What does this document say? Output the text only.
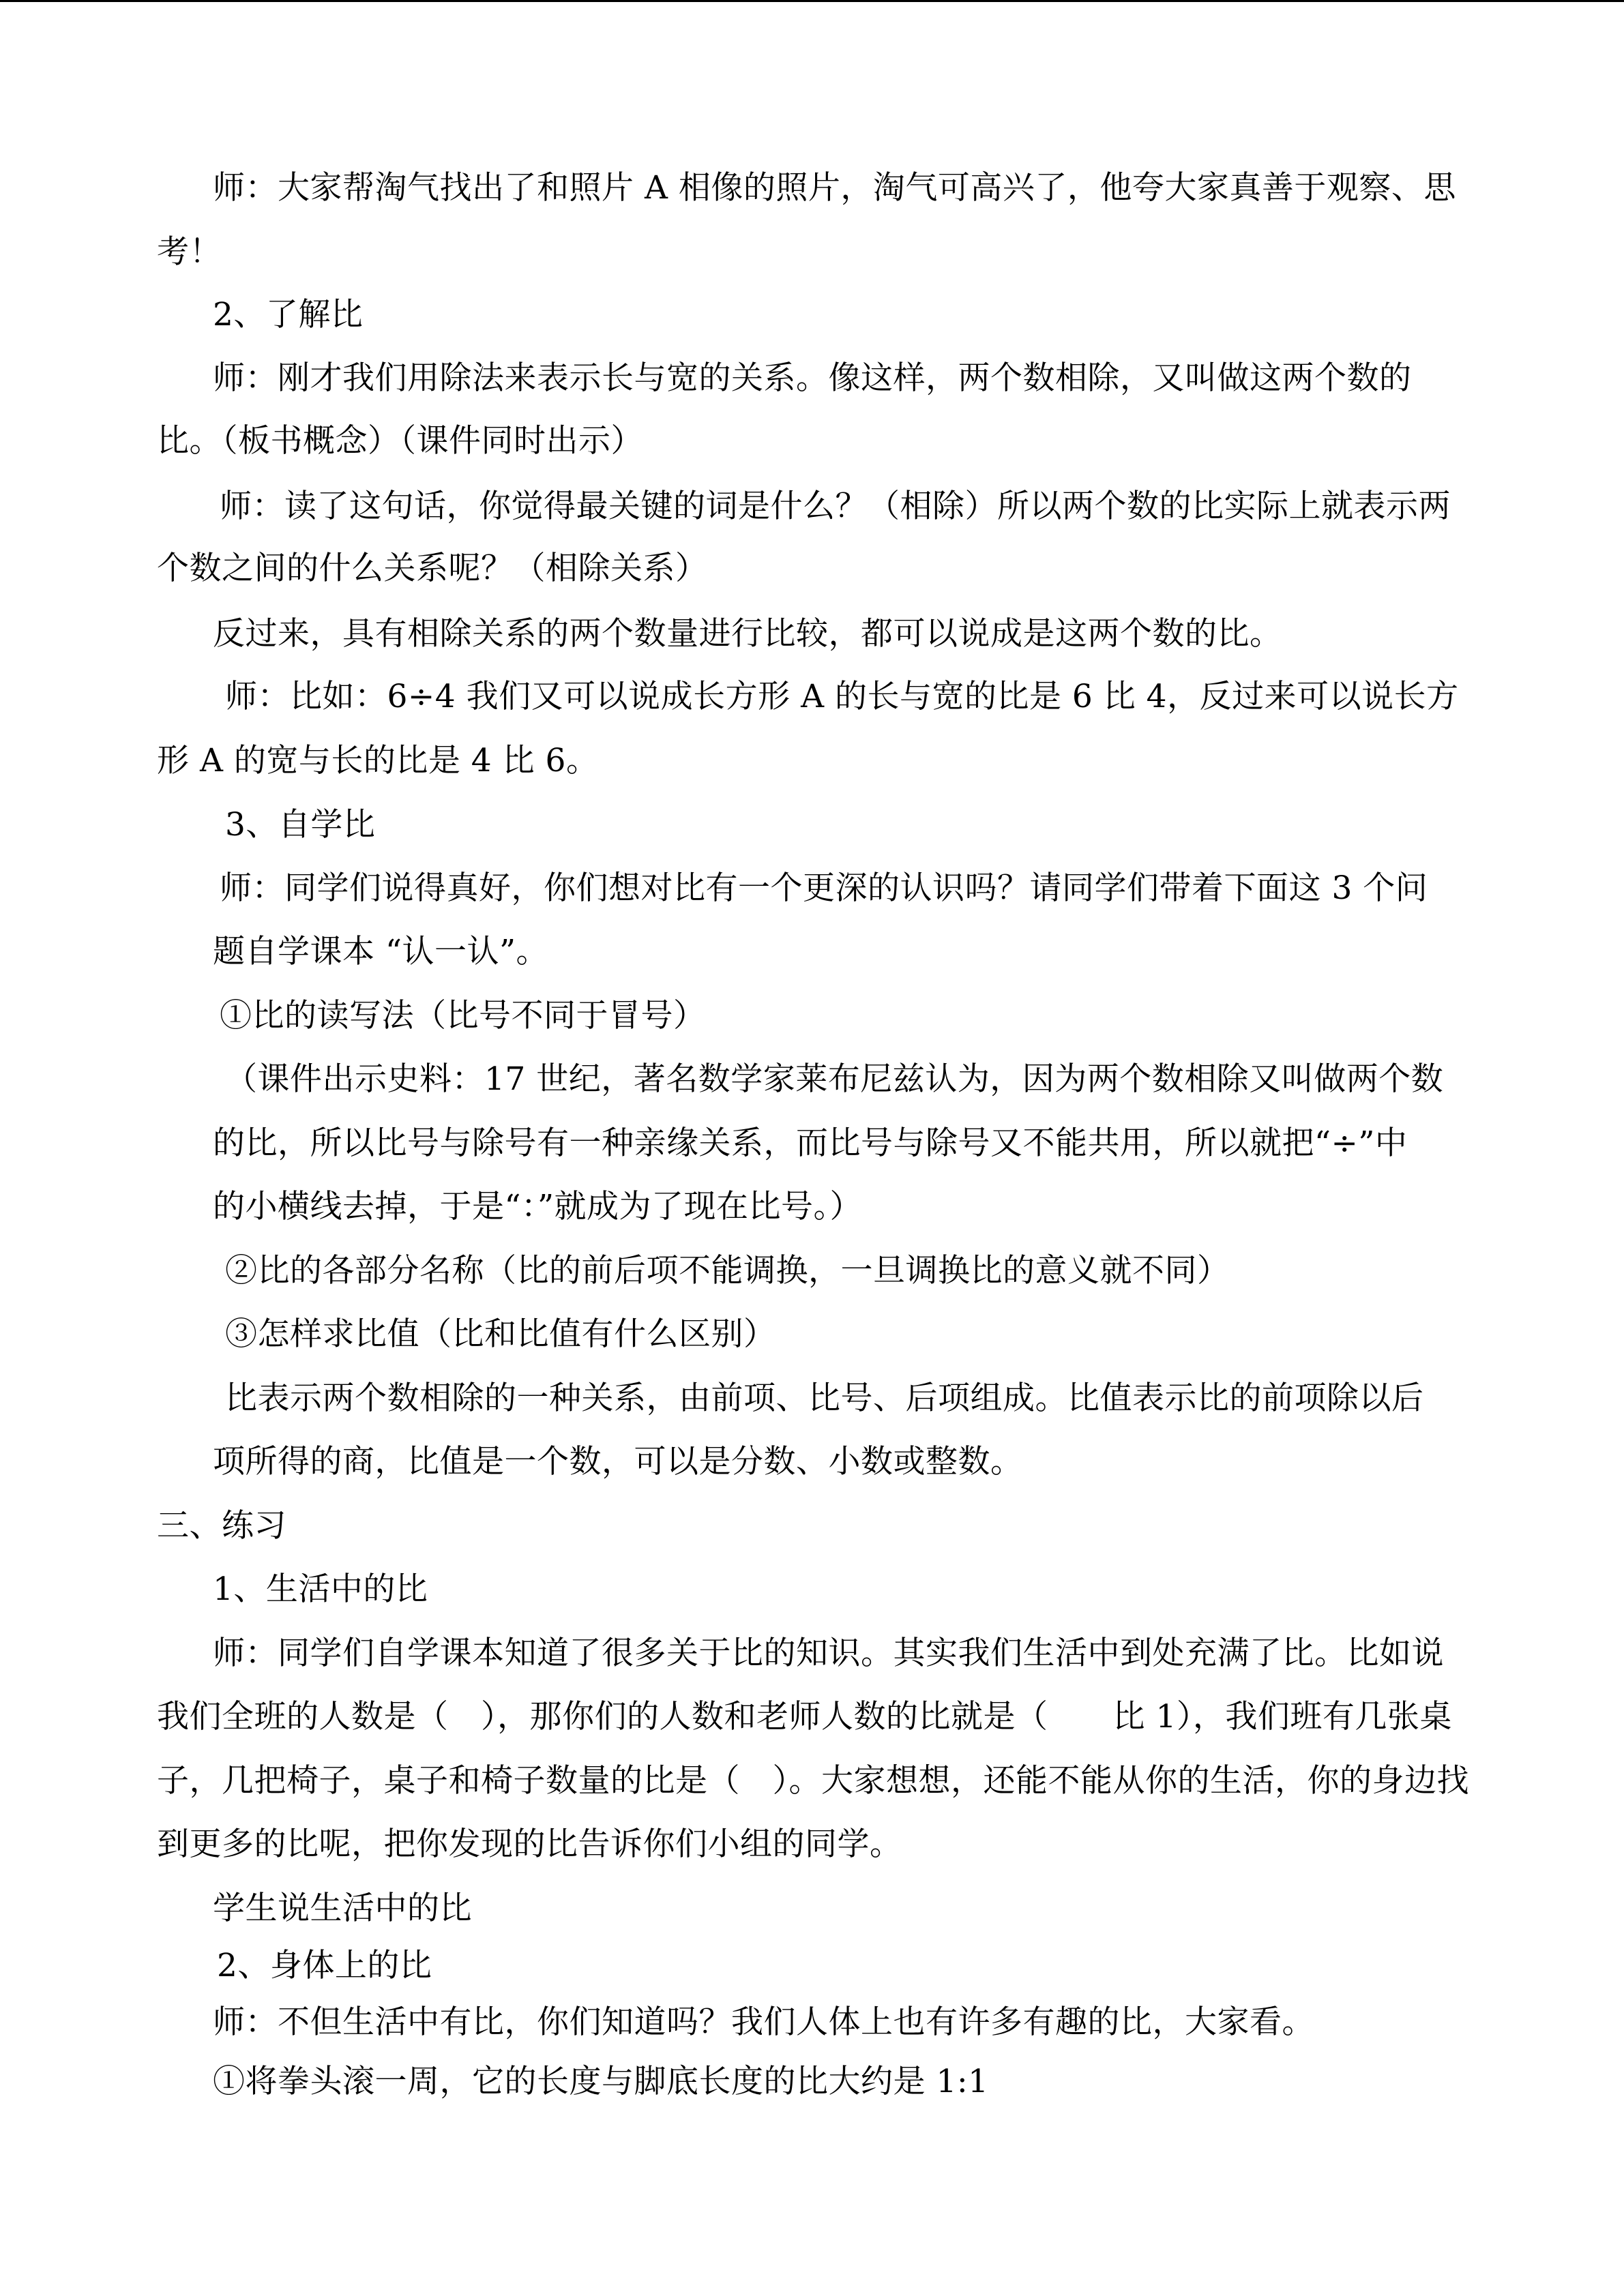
师：大家帮淘气找出了和照片 A 相像的照片，淘气可高兴了，他夸大家真善于观察、思
考！
2、了解比
师：刚才我们用除法来表示长与宽的关系。像这样，两个数相除，又叫做这两个数的
比。（板书概念）（课件同时出示）
师：读了这句话，你觉得最关键的词是什么？（相除）所以两个数的比实际上就表示两
个数之间的什么关系呢？（相除关系）
反过来，具有相除关系的两个数量进行比较，都可以说成是这两个数的比。
师：比如：6÷4 我们又可以说成长方形 A 的长与宽的比是 6 比 4，反过来可以说长方
形 A 的宽与长的比是 4 比 6。
3、自学比
师：同学们说得真好，你们想对比有一个更深的认识吗？请同学们带着下面这 3 个问
题自学课本 “认一认”。
①比的读写法（比号不同于冒号）
（课件出示史料：17 世纪，著名数学家莱布尼兹认为，因为两个数相除又叫做两个数
的比，所以比号与除号有一种亲缘关系，而比号与除号又不能共用，所以就把“÷”中
的小横线去掉，于是“：”就成为了现在比号。）
②比的各部分名称（比的前后项不能调换，一旦调换比的意义就不同）
③怎样求比值（比和比值有什么区别）
比表示两个数相除的一种关系，由前项、比号、后项组成。比值表示比的前项除以后
项所得的商，比值是一个数，可以是分数、小数或整数。
三、练习
1、生活中的比
师：同学们自学课本知道了很多关于比的知识。其实我们生活中到处充满了比。比如说
我们全班的人数是（　），那你们的人数和老师人数的比就是（　　比 1），我们班有几张桌
子，几把椅子，桌子和椅子数量的比是（　）。大家想想，还能不能从你的生活，你的身边找
到更多的比呢，把你发现的比告诉你们小组的同学。
学生说生活中的比
2、身体上的比
师：不但生活中有比，你们知道吗？我们人体上也有许多有趣的比，大家看。
①将拳头滚一周，它的长度与脚底长度的比大约是 1:1
